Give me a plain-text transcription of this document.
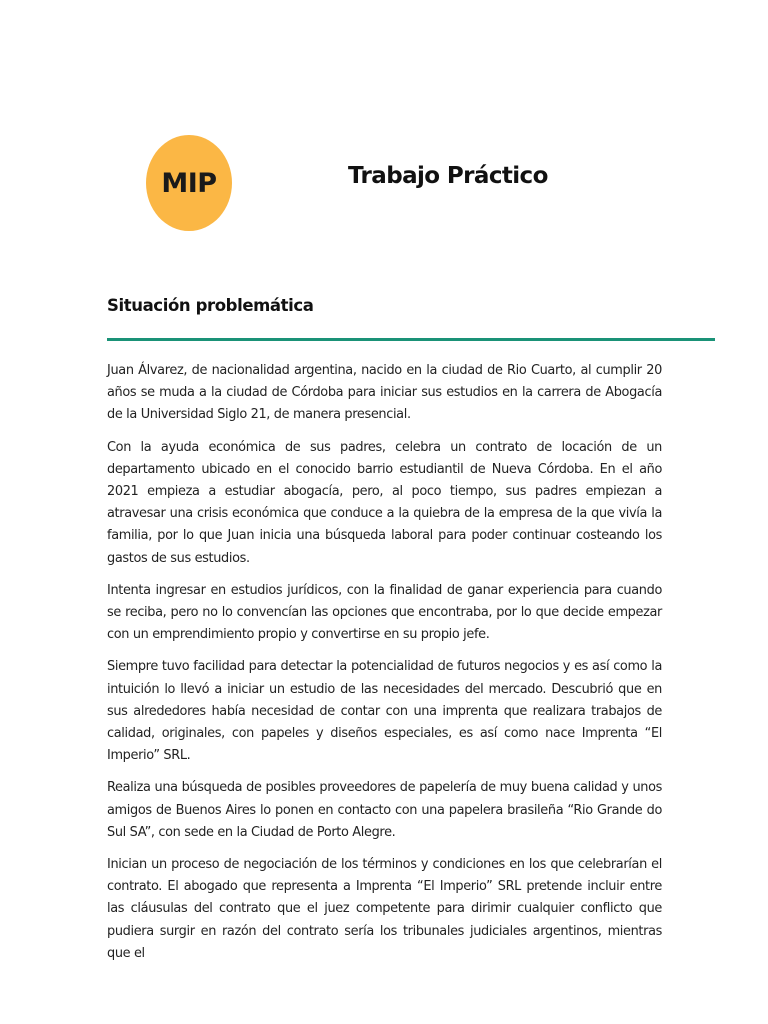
MIP	Trabajo Práctico
Situación problemática

Juan Álvarez, de nacionalidad argentina, nacido en la ciudad de Rio Cuarto, al cumplir 20 años se muda a la ciudad de Córdoba para iniciar sus estudios en la carrera de Abogacía de la Universidad Siglo 21, de manera presencial.

Con la ayuda económica de sus padres, celebra un contrato de locación de un departamento ubicado en el conocido barrio estudiantil de Nueva Córdoba. En el año 2021 empieza a estudiar abogacía, pero, al poco tiempo, sus padres empiezan a atravesar una crisis económica que conduce a la quiebra de la empresa de la que vivía la familia, por lo que Juan inicia una búsqueda laboral para poder continuar costeando los gastos de sus estudios.

Intenta ingresar en estudios jurídicos, con la finalidad de ganar experiencia para cuando se reciba, pero no lo convencían las opciones que encontraba, por lo que decide empezar con un emprendimiento propio y convertirse en su propio jefe.

Siempre tuvo facilidad para detectar la potencialidad de futuros negocios y es así como la intuición lo llevó a iniciar un estudio de las necesidades del mercado. Descubrió que en sus alrededores había necesidad de contar con una imprenta que realizara trabajos de calidad, originales, con papeles y diseños especiales, es así como nace Imprenta “El Imperio” SRL.

Realiza una búsqueda de posibles proveedores de papelería de muy buena calidad y unos amigos de Buenos Aires lo ponen en contacto con una papelera brasileña “Rio Grande do Sul SA”, con sede en la Ciudad de Porto Alegre.

Inician un proceso de negociación de los términos y condiciones en los que celebrarían el contrato. El abogado que representa a Imprenta “El Imperio” SRL pretende incluir entre las cláusulas del contrato que el juez competente para dirimir cualquier conflicto que pudiera surgir en razón del contrato sería los tribunales judiciales argentinos, mientras que el
